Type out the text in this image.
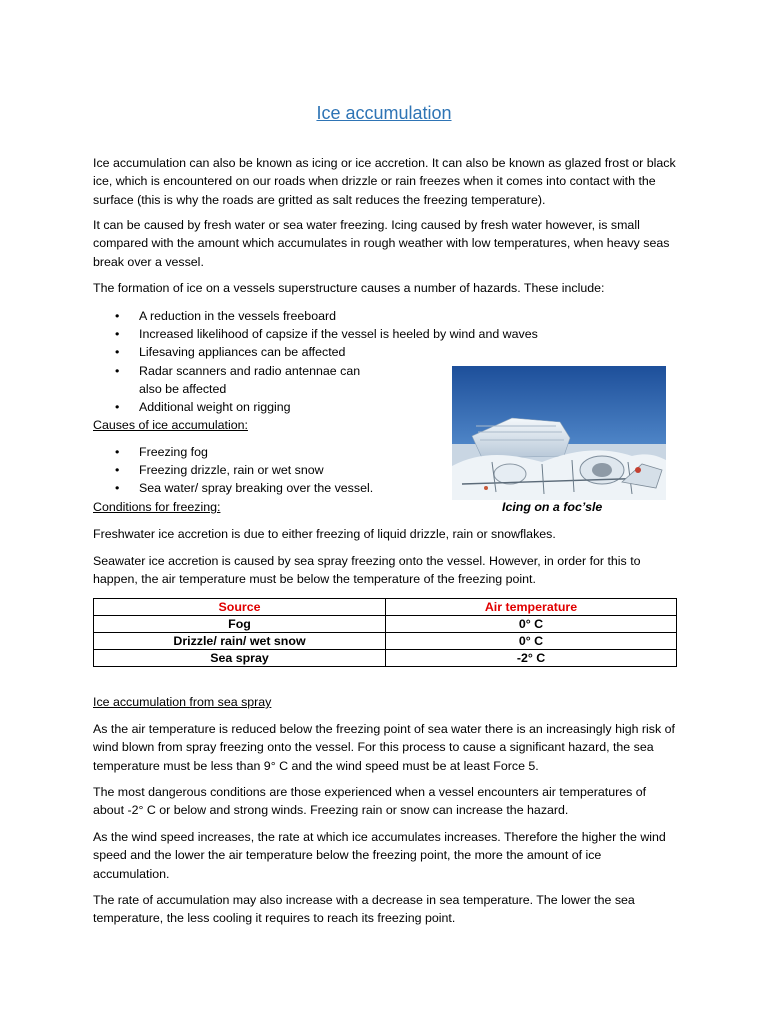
Ice accumulation

Ice accumulation can also be known as icing or ice accretion. It can also be known as glazed frost or black ice, which is encountered on our roads when drizzle or rain freezes when it comes into contact with the surface (this is why the roads are gritted as salt reduces the freezing temperature).

It can be caused by fresh water or sea water freezing. Icing caused by fresh water however, is small compared with the amount which accumulates in rough weather with low temperatures, when heavy seas break over a vessel.

The formation of ice on a vessels superstructure causes a number of hazards. These include:

• A reduction in the vessels freeboard
• Increased likelihood of capsize if the vessel is heeled by wind and waves
• Lifesaving appliances can be affected
• Radar scanners and radio antennae can also be affected
• Additional weight on rigging

Causes of ice accumulation:

• Freezing fog
• Freezing drizzle, rain or wet snow
• Sea water/ spray breaking over the vessel.

Conditions for freezing:	Icing on a foc’sle

Freshwater ice accretion is due to either freezing of liquid drizzle, rain or snowflakes.

Seawater ice accretion is caused by sea spray freezing onto the vessel. However, in order for this to happen, the air temperature must be below the temperature of the freezing point.

Source	Air temperature
Fog	0° C
Drizzle/ rain/ wet snow	0° C
Sea spray	-2° C

Ice accumulation from sea spray

As the air temperature is reduced below the freezing point of sea water there is an increasingly high risk of wind blown from spray freezing onto the vessel. For this process to cause a significant hazard, the sea temperature must be less than 9° C and the wind speed must be at least Force 5.

The most dangerous conditions are those experienced when a vessel encounters air temperatures of about -2° C or below and strong winds. Freezing rain or snow can increase the hazard.

As the wind speed increases, the rate at which ice accumulates increases. Therefore the higher the wind speed and the lower the air temperature below the freezing point, the more the amount of ice accumulation.

The rate of accumulation may also increase with a decrease in sea temperature. The lower the sea temperature, the less cooling it requires to reach its freezing point.
